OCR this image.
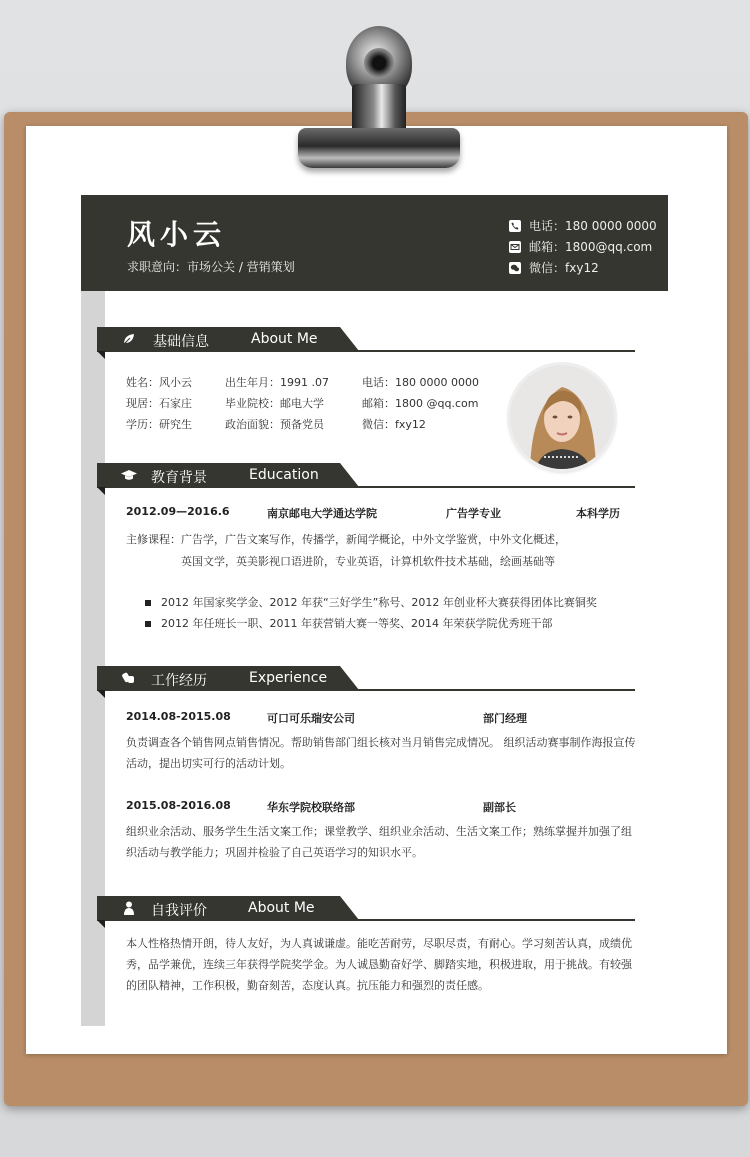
风小云
求职意向：市场公关 / 营销策划
电话： 180 0000 0000
邮箱： 1800@qq.com
微信： fxy12
基础信息	About Me
姓名：风小云	出生年月：1991 .07	电话：180 0000 0000
现居：石家庄	毕业院校：邮电大学	邮箱：1800 @qq.com
学历：研究生	政治面貌：预备党员	微信：fxy12
教育背景	Education
2012.09—2016.6	南京邮电大学通达学院	广告学专业	本科学历
主修课程：广告学，广告文案写作，传播学，新闻学概论，中外文学鉴赏，中外文化概述，
英国文学，英美影视口语进阶，专业英语，计算机软件技术基础，绘画基础等
2012 年国家奖学金、2012 年获“三好学生”称号、2012 年创业杯大赛获得团体比赛铜奖
2012 年任班长一职、2011 年获营销大赛一等奖、2014 年荣获学院优秀班干部
工作经历	Experience
2014.08-2015.08	可口可乐瑞安公司	部门经理
负责调查各个销售网点销售情况。帮助销售部门组长核对当月销售完成情况。 组织活动赛事制作海报宣传活动，提出切实可行的活动计划。
2015.08-2016.08	华东学院校联络部	副部长
组织业余活动、服务学生生活文案工作；课堂教学、组织业余活动、生活文案工作；熟练掌握并加强了组织活动与教学能力；巩固并检验了自己英语学习的知识水平。
自我评价	About Me
本人性格热情开朗，待人友好，为人真诚谦虚。能吃苦耐劳，尽职尽责，有耐心。学习刻苦认真，成绩优秀，品学兼优，连续三年获得学院奖学金。为人诚恳勤奋好学、脚踏实地，积极进取，用于挑战。有较强的团队精神，工作积极，勤奋刻苦，态度认真。抗压能力和强烈的责任感。
